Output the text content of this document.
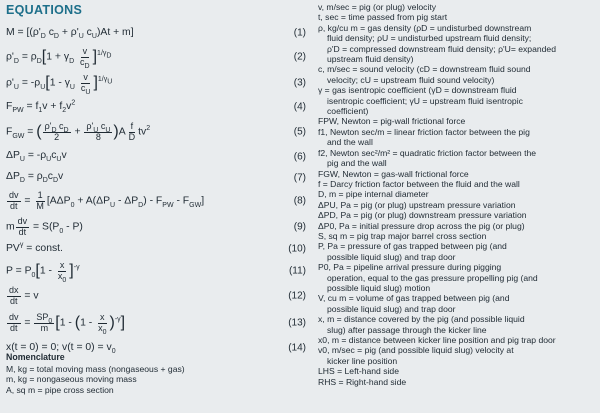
EQUATIONS
$M = [(\rho'_D$ $c_D + \rho'_U$ $c_U)At + m$]	(1)
$\rho'_D = \rho_D[1 + \gamma_D \frac{v}{c_D} ]^{1/\gamma_D}$	(2)
$\rho'_U = -\rho_U[1 - \gamma_U \frac{v}{c_U} ]^{1/\gamma_U}$	(3)
$F_{PW} = f_1v + f_2v^2$	(4)
$F_{GW}$ = ( $\frac{\rho'_D c_D}{2} + \frac{\rho'_U c_U}{8} )A \frac{f}{D} tv^2$	(5)
$\Delta P_U = -\rho_Uc_Uv$	(6)
$\Delta P_D = \rho_Dc_Dv$	(7)
$\frac{dv}{dt} = \frac{1}{M} [A\Delta P_0 + A(\Delta P_U - \Delta P_D) - F_{PW} - F_{GW}]$	(8)
m $\frac{dv}{dt} = S(P_0 - P)$	(9)
$PV^\gamma$ = const.	(10)
$P = P_0[1 - \frac{x}{x_0} ]^{-\gamma}$	(11)
$\frac{dx}{dt} = v$	(12)
$\frac{dv}{dt} = \frac{SP_0}{m} [1 - (1 - \frac{x}{x_0} )^{-\gamma}]$	(13)
x(t = 0) = 0; $v(t = 0) = v_0$	(14)
Nomenclature
M, kg = total moving mass (nongaseous + gas)
m, kg = nongaseous moving mass
A, sq m = pipe cross section
v, m/sec = pig (or plug) velocity
t, sec = time passed from pig start
ρ, kg/cu m = gas density (ρD = undisturbed downstream
fluid density; ρU = undisturbed upstream fluid density;
ρ'D = compressed downstream fluid density; ρ'U= expanded
upstream fluid density)
c, m/sec = sound velocity (cD = downstream fluid sound
velocity; cU = upstream fluid sound velocity)
γ = gas isentropic coefficient (γD = downstream fluid
isentropic coefficient; γU = upstream fluid isentropic
coefficient)
FPW, Newton = pig-wall frictional force
f1, Newton sec/m = linear friction factor between the pig
and the wall
f2, Newton sec²/m² = quadratic friction factor between the
pig and the wall
FGW, Newton = gas-wall frictional force
f = Darcy friction factor between the fluid and the wall
D, m = pipe internal diameter
ΔPU, Pa = pig (or plug) upstream pressure variation
ΔPD, Pa = pig (or plug) downstream pressure variation
ΔP0, Pa = initial pressure drop across the pig (or plug)
S, sq m = pig trap major barrel cross section
P, Pa = pressure of gas trapped between pig (and
possible liquid slug) and trap door
P0, Pa = pipeline arrival pressure during pigging
operation, equal to the gas pressure propelling pig (and
possible liquid slug) motion
V, cu m = volume of gas trapped between pig (and
possible liquid slug) and trap door
x, m = distance covered by the pig (and possible liquid
slug) after passage through the kicker line
x0, m = distance between kicker line position and pig trap door
v0, m/sec = pig (and possible liquid slug) velocity at
kicker line position
LHS = Left-hand side
RHS = Right-hand side
